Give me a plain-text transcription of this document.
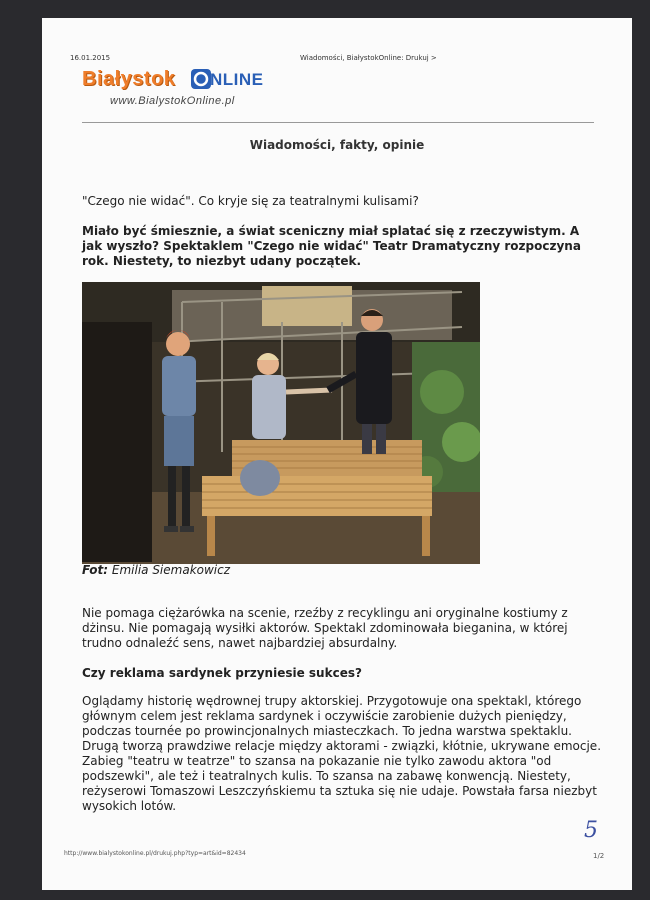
16.01.2015	Wiadomości, BiałystokOnline: Drukuj >
Białystok NLINE
www.BialystokOnline.pl
Wiadomości, fakty, opinie
"Czego nie widać". Co kryje się za teatralnymi kulisami?
Miało być śmiesznie, a świat sceniczny miał splatać się z rzeczywistym. A jak wyszło? Spektaklem "Czego nie widać" Teatr Dramatyczny rozpoczyna rok. Niestety, to niezbyt udany początek.
Fot: Emilia Siemakowicz
Nie pomaga ciężarówka na scenie, rzeźby z recyklingu ani oryginalne kostiumy z dżinsu. Nie pomagają wysiłki aktorów. Spektakl zdominowała bieganina, w której trudno odnaleźć sens, nawet najbardziej absurdalny.
Czy reklama sardynek przyniesie sukces?
Oglądamy historię wędrownej trupy aktorskiej. Przygotowuje ona spektakl, którego głównym celem jest reklama sardynek i oczywiście zarobienie dużych pieniędzy, podczas tournée po prowincjonalnych miasteczkach. To jedna warstwa spektaklu. Drugą tworzą prawdziwe relacje między aktorami - związki, kłótnie, ukrywane emocje. Zabieg "teatru w teatrze" to szansa na pokazanie nie tylko zawodu aktora "od podszewki", ale też i teatralnych kulis. To szansa na zabawę konwencją. Niestety, reżyserowi Tomaszowi Leszczyńskiemu ta sztuka się nie udaje. Powstała farsa niezbyt wysokich lotów.
http://www.bialystokonline.pl/drukuj.php?typ=art&id=82434	1/2
5
